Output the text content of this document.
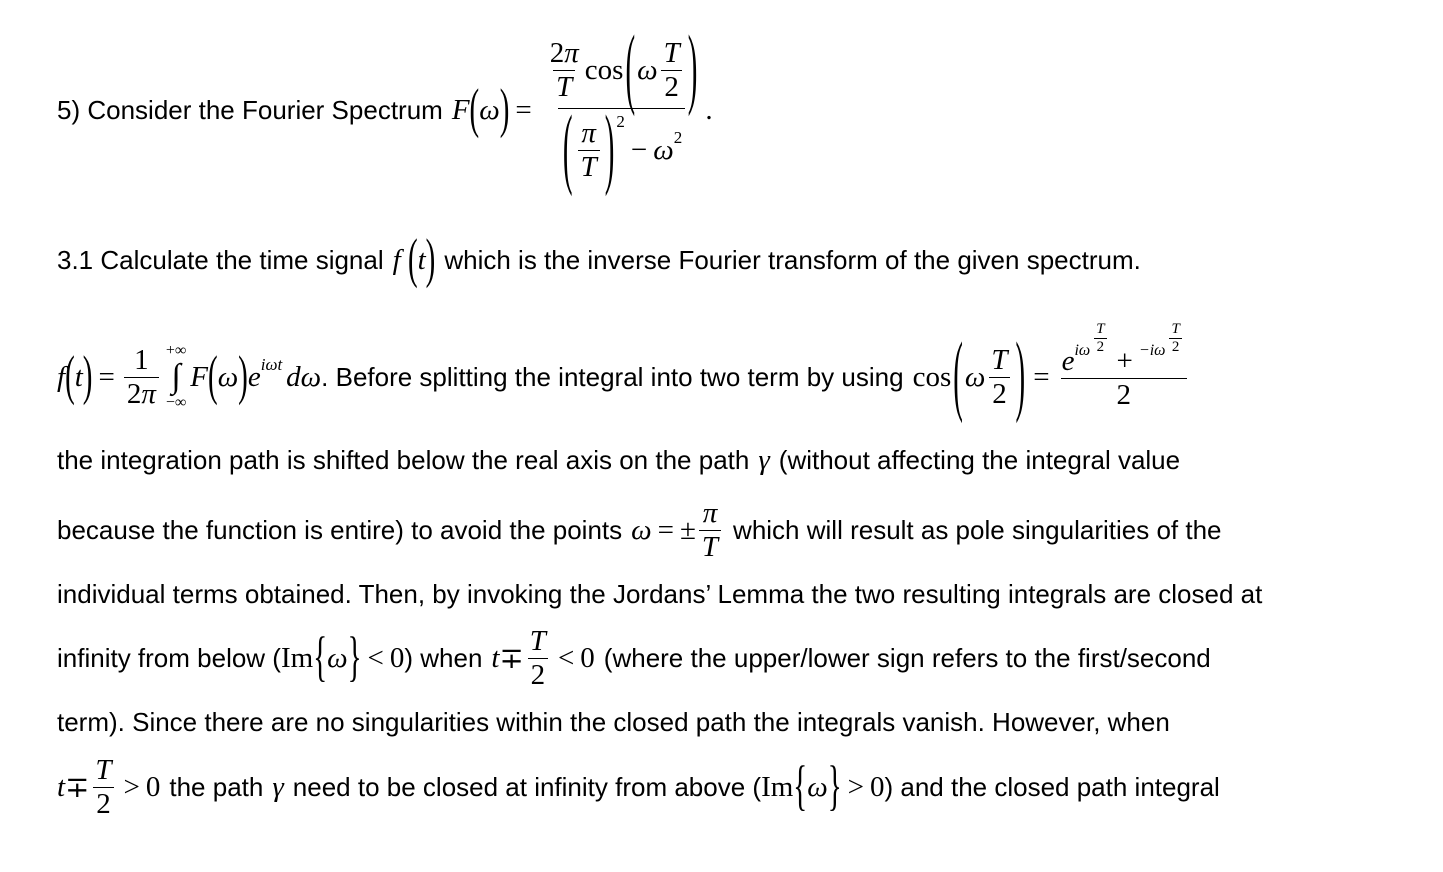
5) Consider the Fourier Spectrum F ( ω ) =
$\frac{2 \pi}{T}$ cos ( ω $\frac{T}{2}$ )
( $\frac{\pi}{T}$ ) 2
− ω 2
.
3.1 Calculate the time signal f (t) which is the inverse Fourier transform of the given spectrum.
f ( t ) = $\frac{1}{2 \pi}$ +∞
∫
−∞
F ( ω ) e iωt d ω . Before splitting the integral into two term by using cos ( ω $\frac{T}{2}$ ) = e iω $\frac{T}{2}$
+ $-i\omega \frac{T}{2}$
2
the integration path is shifted below the real axis on the path γ (without affecting the integral value
because the function is entire) to avoid the points ω = ± $\frac{\pi}{T}$ which will result as pole singularities of the
individual terms obtained. Then, by invoking the Jordans’ Lemma the two resulting integrals are closed at
infinity from below ( Im { ω } < 0 ) when $t \mp \frac{T}{2} < 0$ (where the upper/lower sign refers to the first/second
term). Since there are no singularities within the closed path the integrals vanish. However, when
$t \mp \frac{T}{2} > 0$ the path γ need to be closed at infinity from above ( Im { ω } > 0 ) and the closed path integral
